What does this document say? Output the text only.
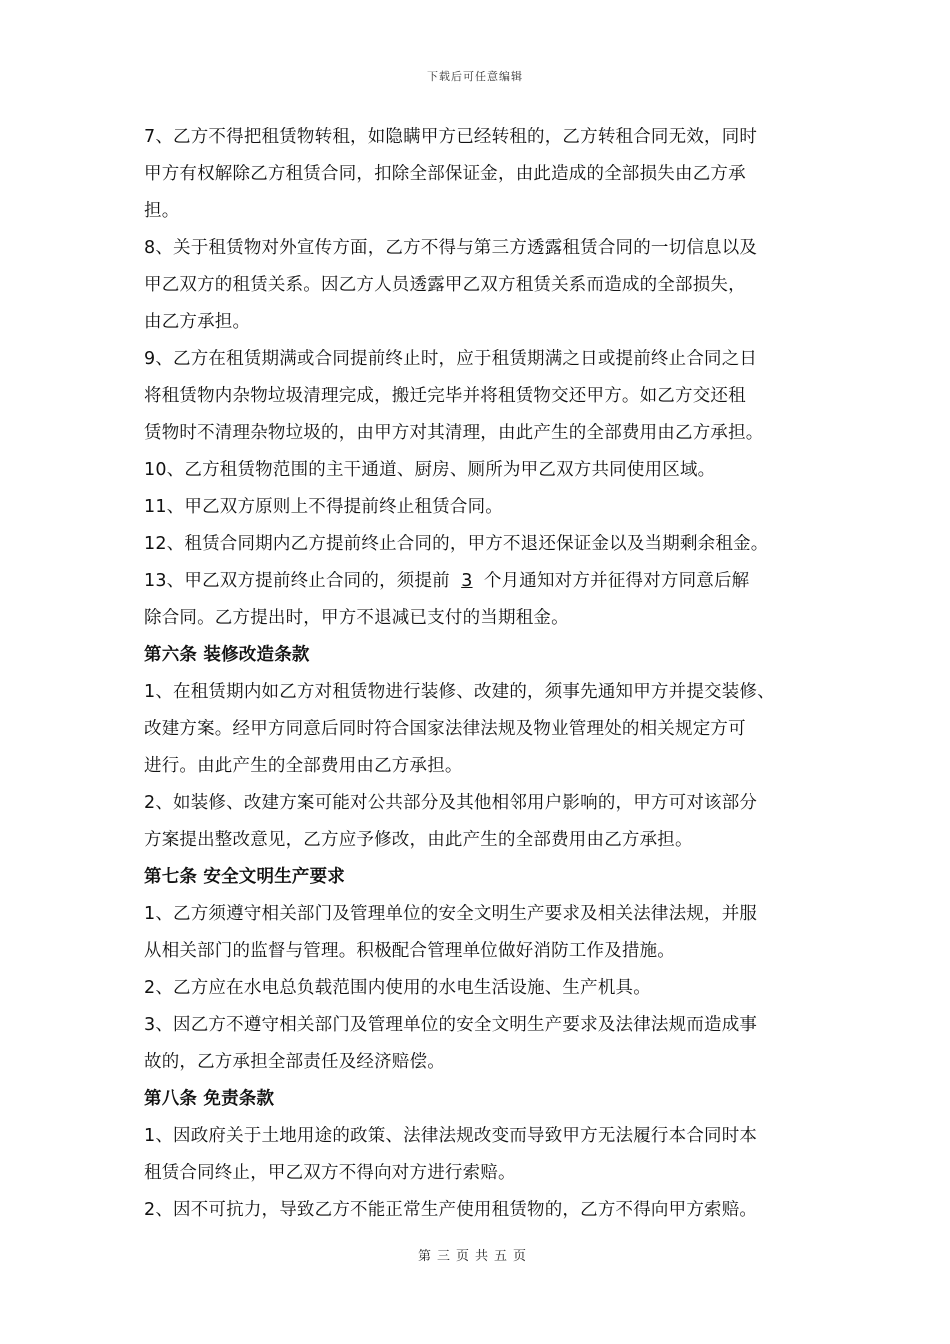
下载后可任意编辑
7、乙方不得把租赁物转租，如隐瞒甲方已经转租的，乙方转租合同无效，同时
甲方有权解除乙方租赁合同，扣除全部保证金，由此造成的全部损失由乙方承
担。
8、关于租赁物对外宣传方面，乙方不得与第三方透露租赁合同的一切信息以及
甲乙双方的租赁关系。因乙方人员透露甲乙双方租赁关系而造成的全部损失，
由乙方承担。
9、乙方在租赁期满或合同提前终止时，应于租赁期满之日或提前终止合同之日
将租赁物内杂物垃圾清理完成，搬迁完毕并将租赁物交还甲方。如乙方交还租
赁物时不清理杂物垃圾的，由甲方对其清理，由此产生的全部费用由乙方承担。
10、乙方租赁物范围的主干通道、厨房、厕所为甲乙双方共同使用区域。
11、甲乙双方原则上不得提前终止租赁合同。
12、租赁合同期内乙方提前终止合同的，甲方不退还保证金以及当期剩余租金。
13、甲乙双方提前终止合同的，须提前 3 个月通知对方并征得对方同意后解
除合同。乙方提出时，甲方不退减已支付的当期租金。
第六条 装修改造条款
1、在租赁期内如乙方对租赁物进行装修、改建的，须事先通知甲方并提交装修、
改建方案。经甲方同意后同时符合国家法律法规及物业管理处的相关规定方可
进行。由此产生的全部费用由乙方承担。
2、如装修、改建方案可能对公共部分及其他相邻用户影响的，甲方可对该部分
方案提出整改意见，乙方应予修改，由此产生的全部费用由乙方承担。
第七条 安全文明生产要求
1、乙方须遵守相关部门及管理单位的安全文明生产要求及相关法律法规，并服
从相关部门的监督与管理。积极配合管理单位做好消防工作及措施。
2、乙方应在水电总负载范围内使用的水电生活设施、生产机具。
3、因乙方不遵守相关部门及管理单位的安全文明生产要求及法律法规而造成事
故的，乙方承担全部责任及经济赔偿。
第八条 免责条款
1、因政府关于土地用途的政策、法律法规改变而导致甲方无法履行本合同时本
租赁合同终止，甲乙双方不得向对方进行索赔。
2、因不可抗力，导致乙方不能正常生产使用租赁物的，乙方不得向甲方索赔。
第三页共五页
